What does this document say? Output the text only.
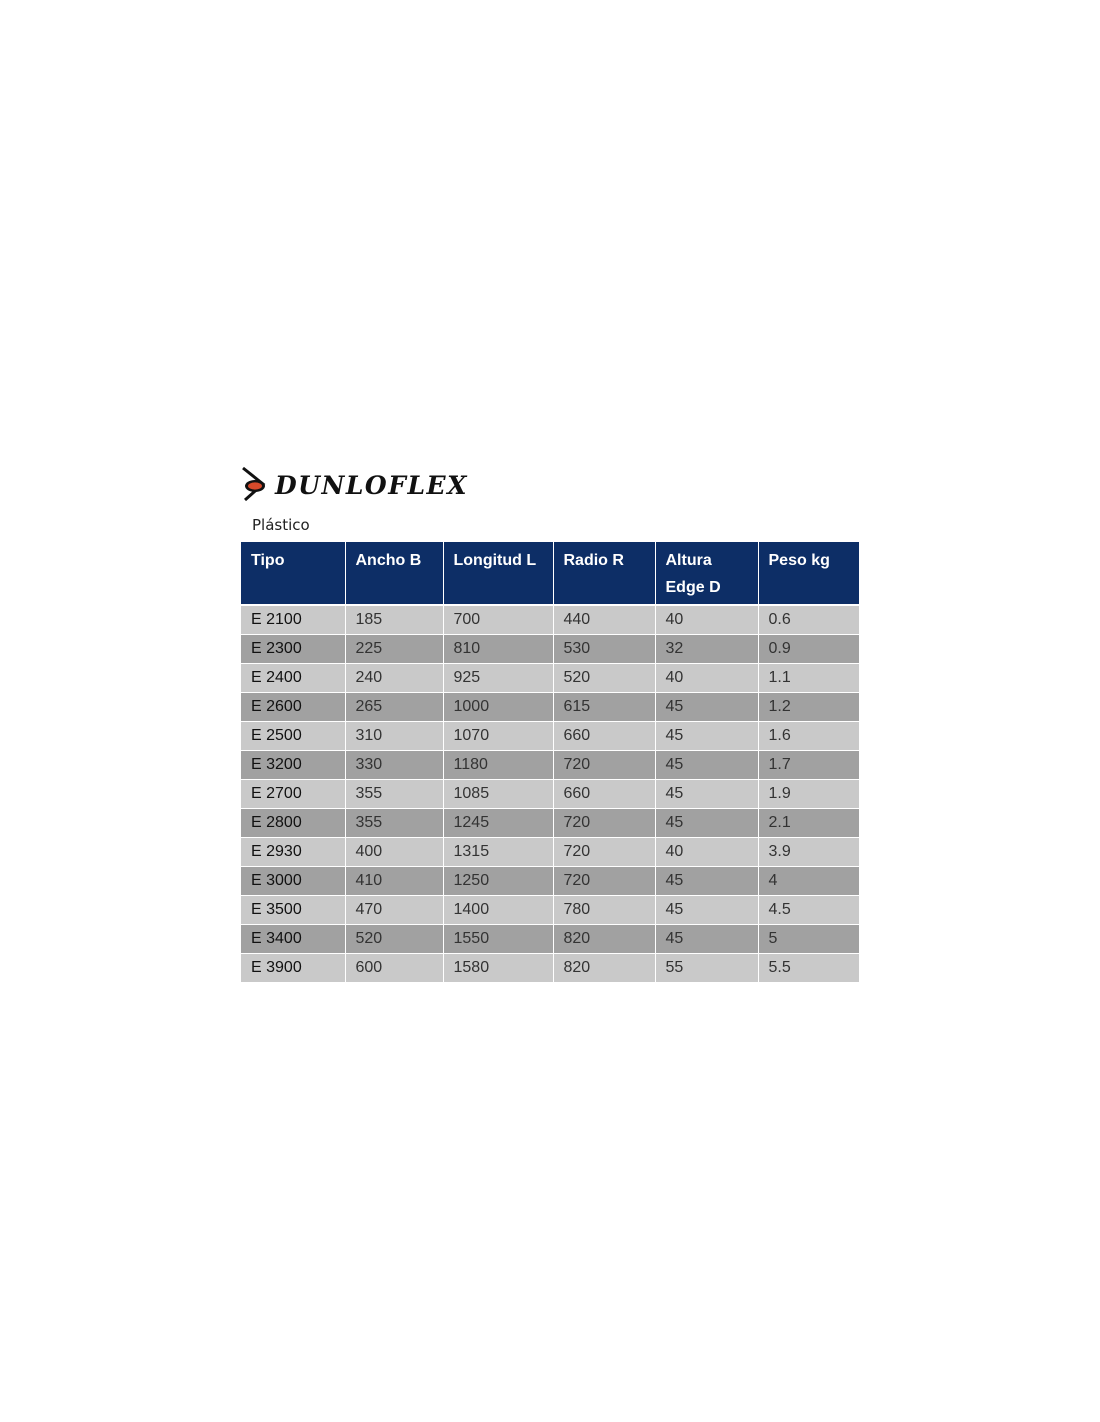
DUNLOFLEX
Plástico
Tipo	Ancho B	Longitud L	Radio R	Altura
Edge D	Peso kg
E 2100	185	700	440	40	0.6
E 2300	225	810	530	32	0.9
E 2400	240	925	520	40	1.1
E 2600	265	1000	615	45	1.2
E 2500	310	1070	660	45	1.6
E 3200	330	1180	720	45	1.7
E 2700	355	1085	660	45	1.9
E 2800	355	1245	720	45	2.1
E 2930	400	1315	720	40	3.9
E 3000	410	1250	720	45	4
E 3500	470	1400	780	45	4.5
E 3400	520	1550	820	45	5
E 3900	600	1580	820	55	5.5
